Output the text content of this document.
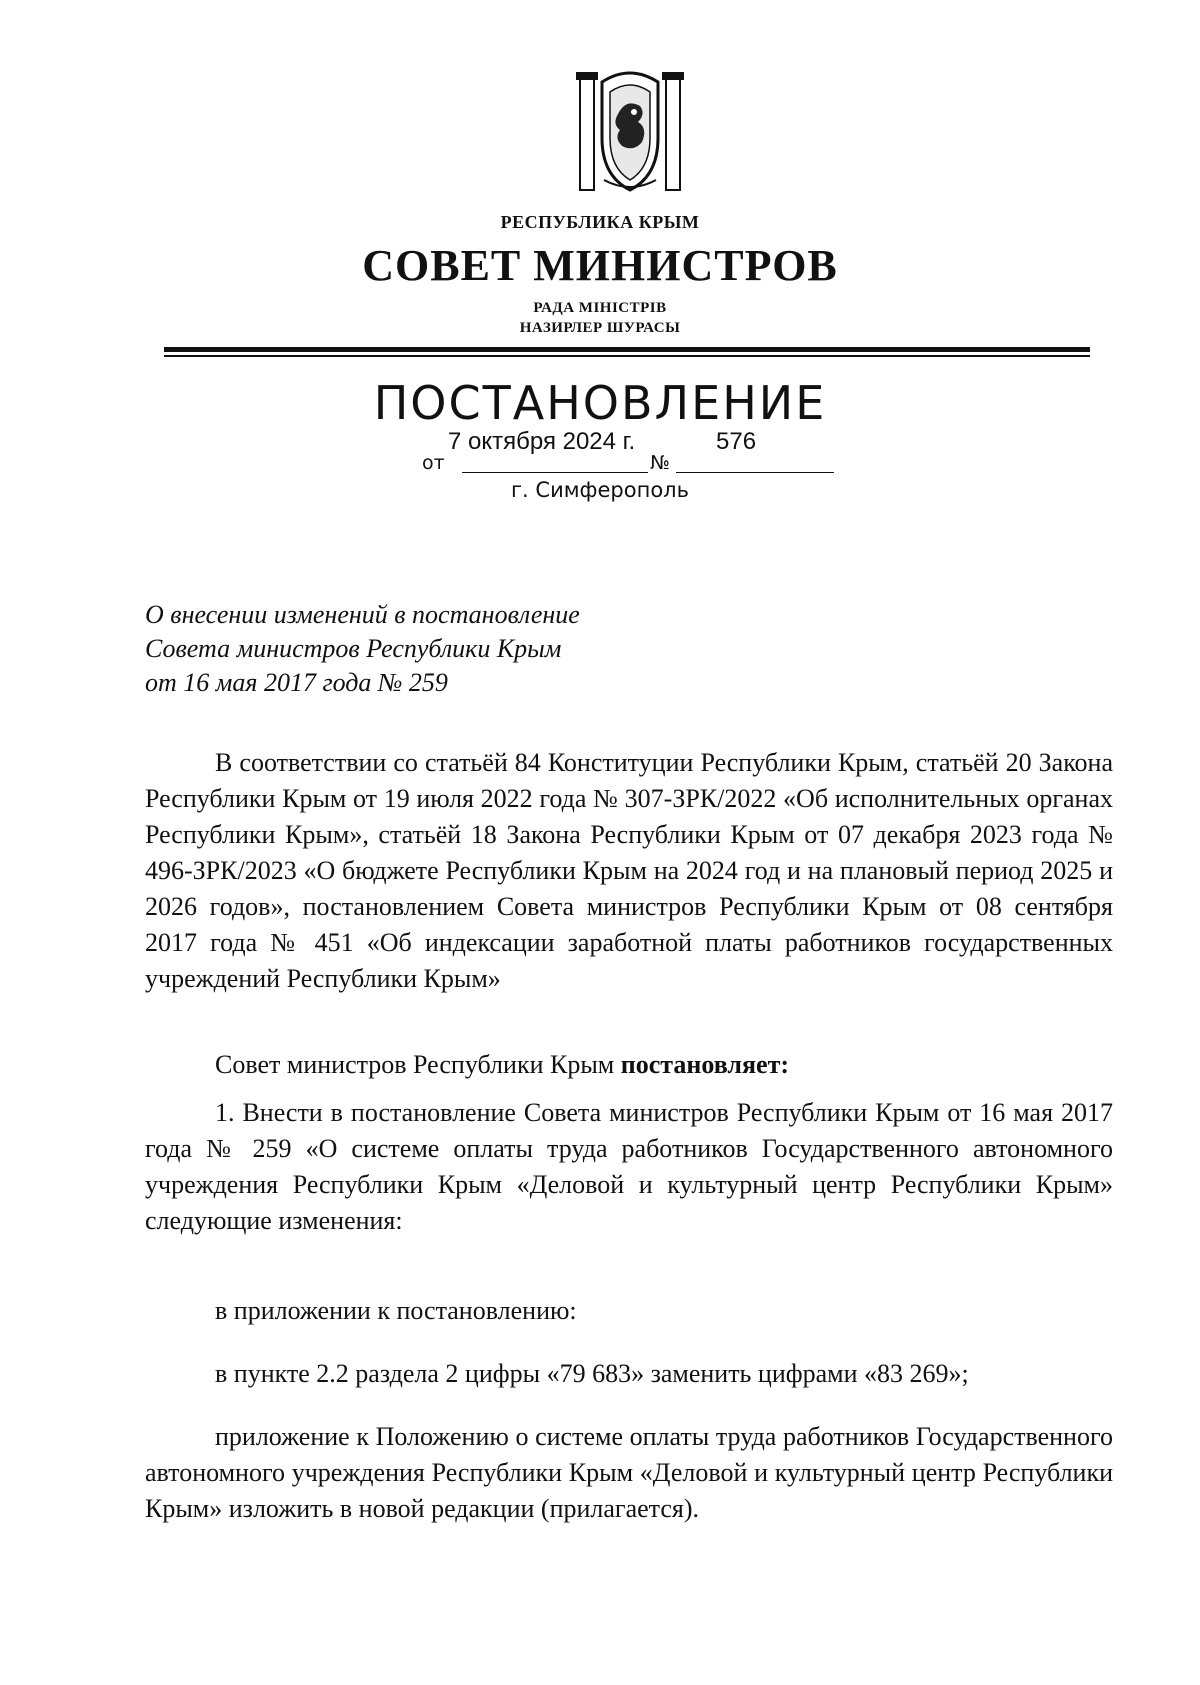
РЕСПУБЛИКА КРЫМ
СОВЕТ МИНИСТРОВ
РАДА МІНІСТРІВ
НАЗИРЛЕР ШУРАСЫ
ПОСТАНОВЛЕНИЕ
7 октября 2024 г.	576
от	№
г. Симферополь
О внесении изменений в постановление
Совета министров Республики Крым
от 16 мая 2017 года № 259

В соответствии со статьёй 84 Конституции Республики Крым, статьёй 20 Закона Республики Крым от 19 июля 2022 года № 307-ЗРК/2022 «Об исполнительных органах Республики Крым», статьёй 18 Закона Республики Крым от 07 декабря 2023 года № 496-ЗРК/2023 «О бюджете Республики Крым на 2024 год и на плановый период 2025 и 2026 годов», постановлением Совета министров Республики Крым от 08 сентября 2017 года № 451 «Об индексации заработной платы работников государственных учреждений Республики Крым»

Совет министров Республики Крым постановляет:

1. Внести в постановление Совета министров Республики Крым от 16 мая 2017 года № 259 «О системе оплаты труда работников Государственного автономного учреждения Республики Крым «Деловой и культурный центр Республики Крым» следующие изменения:

в приложении к постановлению:

в пункте 2.2 раздела 2 цифры «79 683» заменить цифрами «83 269»;

приложение к Положению о системе оплаты труда работников Государственного автономного учреждения Республики Крым «Деловой и культурный центр Республики Крым» изложить в новой редакции (прилагается).
